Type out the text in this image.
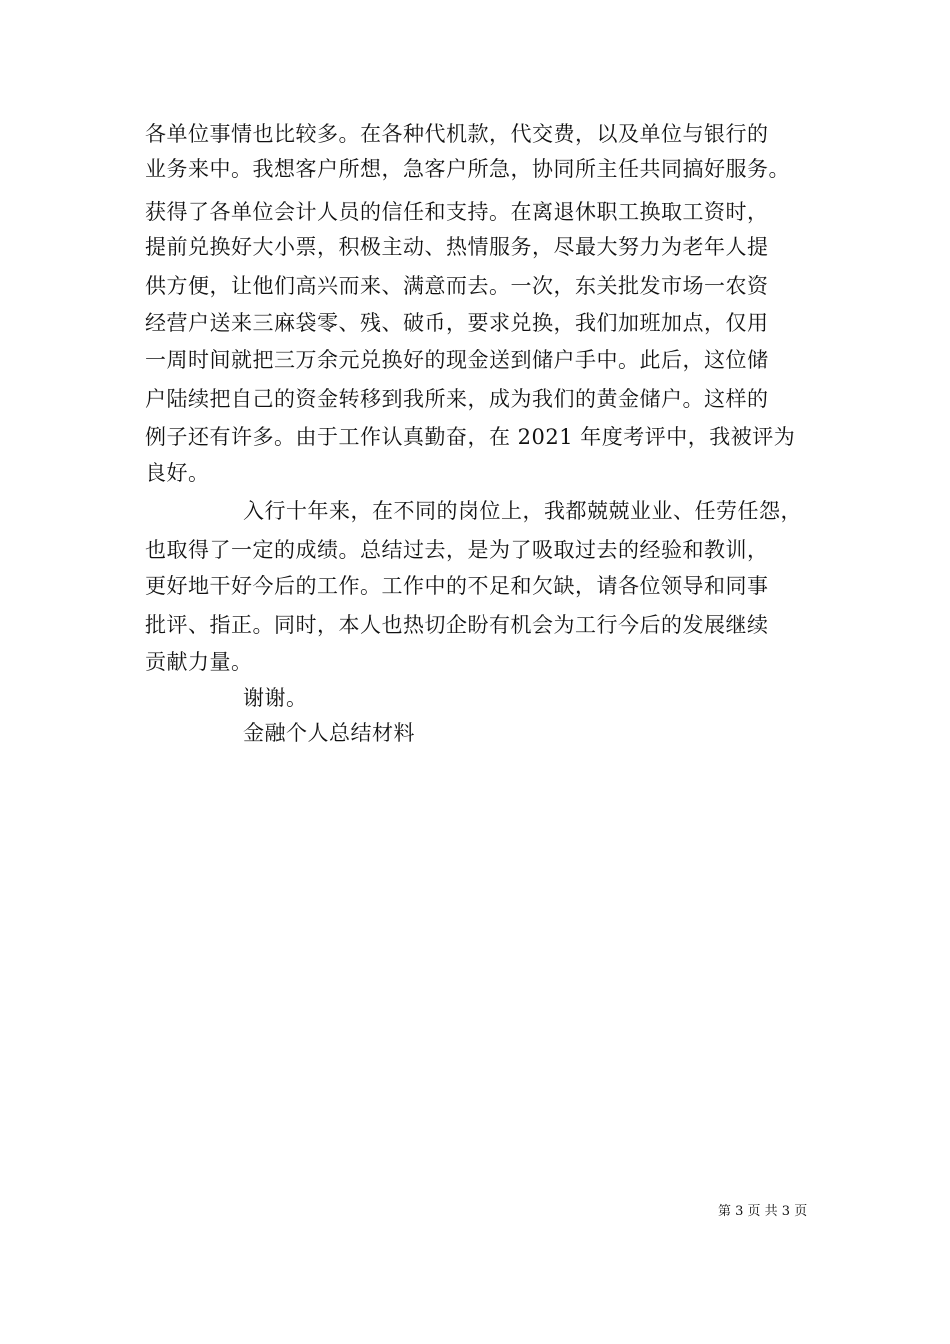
各单位事情也比较多。在各种代机款，代交费，以及单位与银行的
业务来中。我想客户所想，急客户所急，协同所主任共同搞好服务。
获得了各单位会计人员的信任和支持。在离退休职工换取工资时，
提前兑换好大小票，积极主动、热情服务，尽最大努力为老年人提
供方便，让他们高兴而来、满意而去。一次，东关批发市场一农资
经营户送来三麻袋零、残、破币，要求兑换，我们加班加点，仅用
一周时间就把三万余元兑换好的现金送到储户手中。此后，这位储
户陆续把自己的资金转移到我所来，成为我们的黄金储户。这样的
例子还有许多。由于工作认真勤奋，在 2021 年度考评中，我被评为
良好。
入行十年来，在不同的岗位上，我都兢兢业业、任劳任怨，
也取得了一定的成绩。总结过去，是为了吸取过去的经验和教训，
更好地干好今后的工作。工作中的不足和欠缺，请各位领导和同事
批评、指正。同时，本人也热切企盼有机会为工行今后的发展继续
贡献力量。
谢谢。
金融个人总结材料
第 3 页 共 3 页
